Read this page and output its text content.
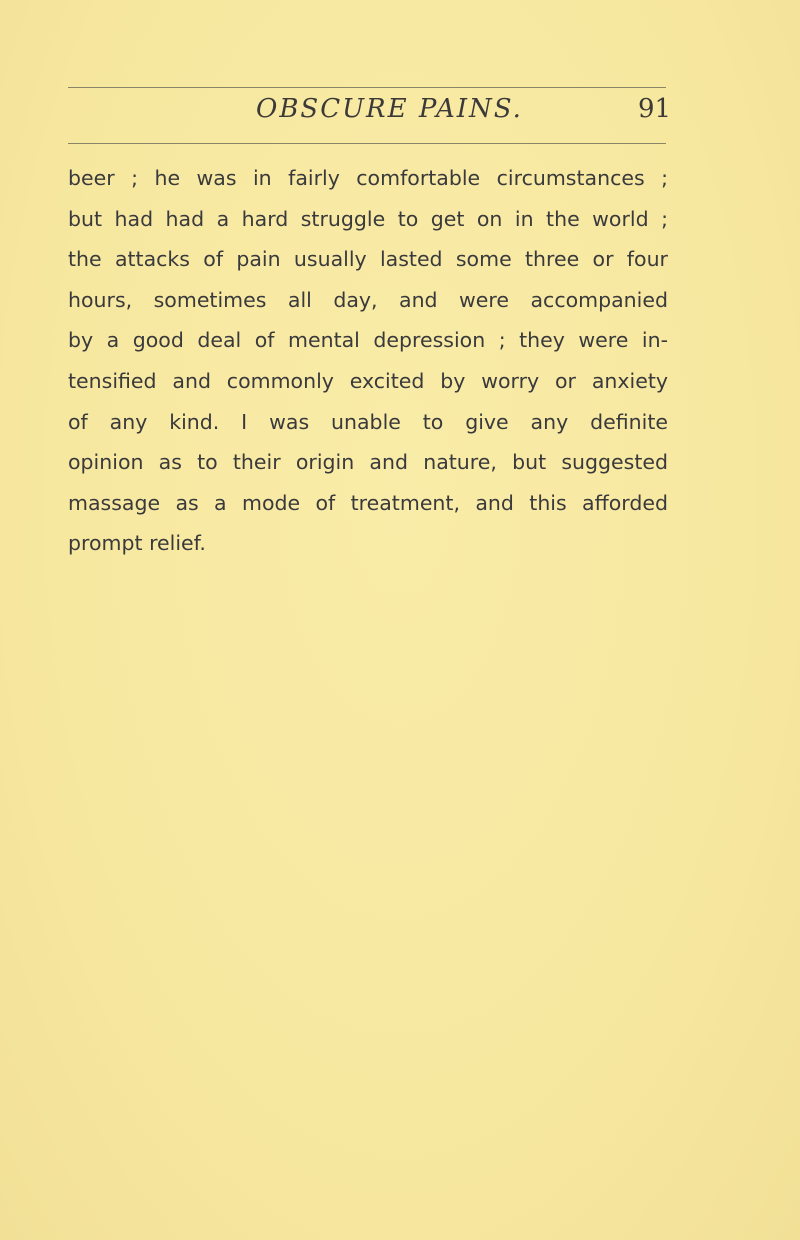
OBSCURE PAINS.	91
beer ; he was in fairly comfortable circumstances ;
but had had a hard struggle to get on in the world ;
the attacks of pain usually lasted some three or four
hours, sometimes all day, and were accompanied
by a good deal of mental depression ; they were in-
tensified and commonly excited by worry or anxiety
of any kind. I was unable to give any definite
opinion as to their origin and nature, but suggested
massage as a mode of treatment, and this afforded
prompt relief.
